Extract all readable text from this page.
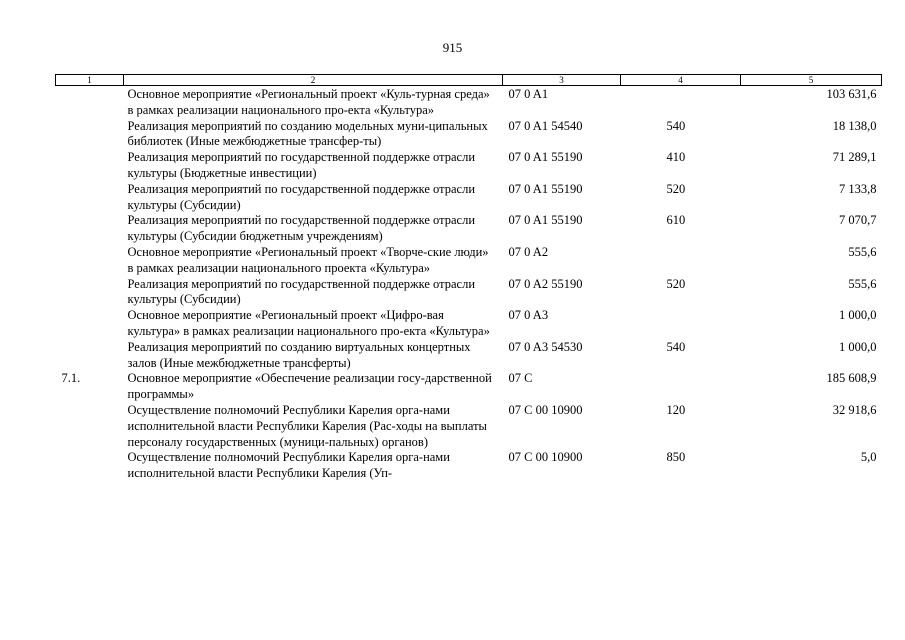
915
1	2	3	4	5
	Основное мероприятие «Региональный проект «Куль-турная среда» в рамках реализации национального про-екта «Культура»	07 0 A1		103 631,6
	Реализация мероприятий по созданию модельных муни-ципальных библиотек (Иные межбюджетные трансфер-ты)	07 0 A1 54540	540	18 138,0
	Реализация мероприятий по государственной поддержке отрасли культуры (Бюджетные инвестиции)	07 0 A1 55190	410	71 289,1
	Реализация мероприятий по государственной поддержке отрасли культуры (Субсидии)	07 0 A1 55190	520	7 133,8
	Реализация мероприятий по государственной поддержке отрасли культуры (Субсидии бюджетным учреждениям)	07 0 A1 55190	610	7 070,7
	Основное мероприятие «Региональный проект «Творче-ские люди» в рамках реализации национального проекта «Культура»	07 0 A2		555,6
	Реализация мероприятий по государственной поддержке отрасли культуры (Субсидии)	07 0 A2 55190	520	555,6
	Основное мероприятие «Региональный проект «Цифро-вая культура» в рамках реализации национального про-екта «Культура»	07 0 A3		1 000,0
	Реализация мероприятий по созданию виртуальных концертных залов (Иные межбюджетные трансферты)	07 0 A3 54530	540	1 000,0
7.1.	Основное мероприятие «Обеспечение реализации госу-дарственной программы»	07 C		185 608,9
	Осуществление полномочий Республики Карелия орга-нами исполнительной власти Республики Карелия (Рас-ходы на выплаты персоналу государственных (муници-пальных) органов)	07 C 00 10900	120	32 918,6
	Осуществление полномочий Республики Карелия орга-нами исполнительной власти Республики Карелия (Уп-	07 C 00 10900	850	5,0
